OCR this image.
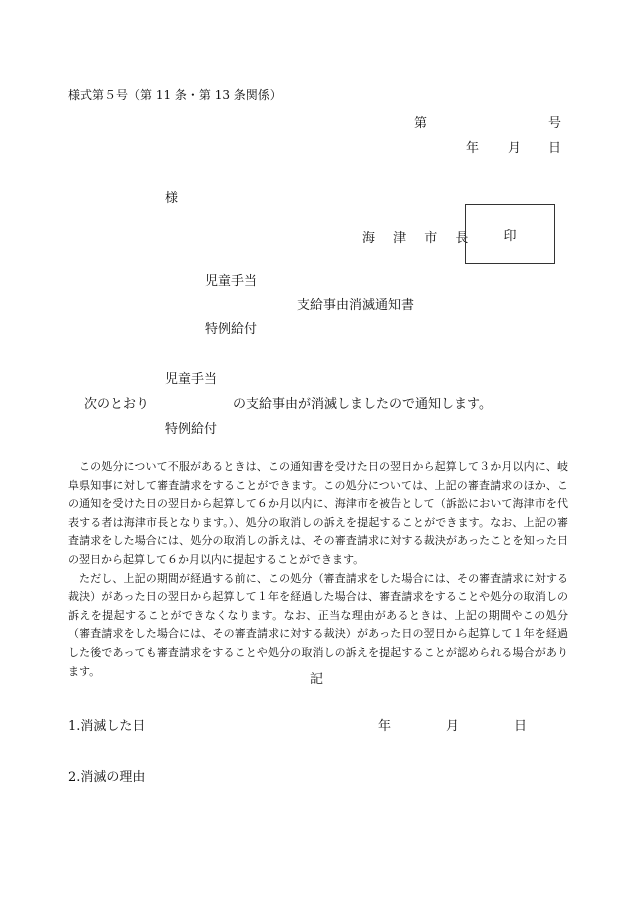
様式第５号（第 11 条・第 13 条関係）
第	号
年 月 日
様
海 津 市 長 印
児童手当
支給事由消滅通知書
特例給付
児童手当
次のとおり	の支給事由が消滅しましたので通知します。
特例給付

この処分について不服があるときは、この通知書を受けた日の翌日から起算して３か月以内に、岐阜県知事に対して審査請求をすることができます。この処分については、上記の審査請求のほか、この通知を受けた日の翌日から起算して６か月以内に、海津市を被告として（訴訟において海津市を代表する者は海津市長となります。）、処分の取消しの訴えを提起することができます。なお、上記の審査請求をした場合には、処分の取消しの訴えは、その審査請求に対する裁決があったことを知った日の翌日から起算して６か月以内に提起することができます。

ただし、上記の期間が経過する前に、この処分（審査請求をした場合には、その審査請求に対する裁決）があった日の翌日から起算して１年を経過した場合は、審査請求をすることや処分の取消しの訴えを提起することができなくなります。なお、正当な理由があるときは、上記の期間やこの処分（審査請求をした場合には、その審査請求に対する裁決）があった日の翌日から起算して１年を経過した後であっても審査請求をすることや処分の取消しの訴えを提起することが認められる場合があります。

記
1.消滅した日	年	月	日
2.消滅の理由
